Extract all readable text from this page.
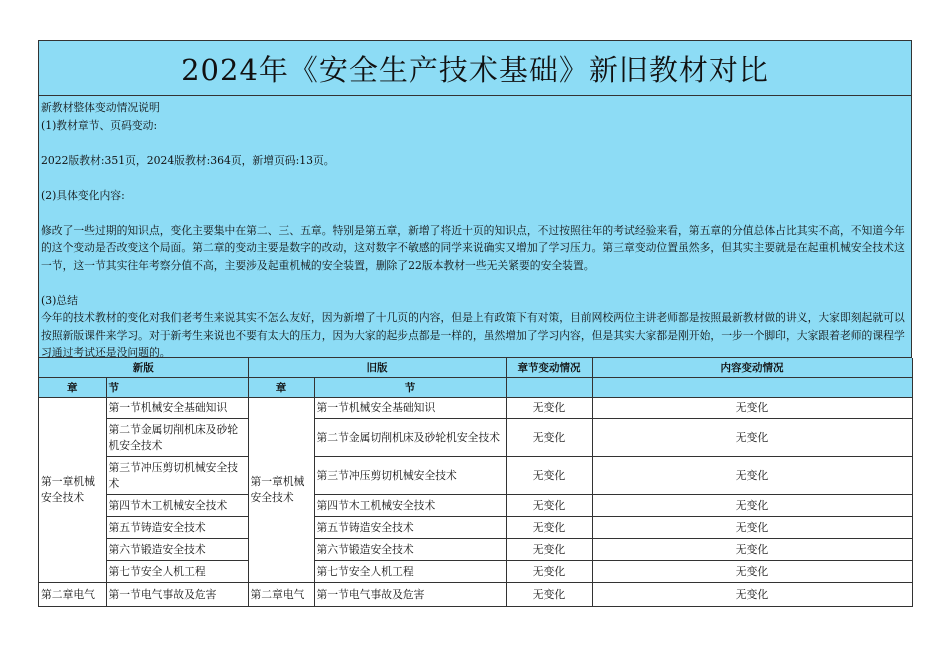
2024年《安全生产技术基础》新旧教材对比

新教材整体变动情况说明

(1)教材章节、页码变动:

2022版教材:351页，2024版教材:364页，新增页码:13页。

(2)具体变化内容:

修改了一些过期的知识点，变化主要集中在第二、三、五章。特别是第五章，新增了将近十页的知识点，不过按照往年的考试经验来看，第五章的分值总体占比其实不高，不知道今年的这个变动是否改变这个局面。第二章的变动主要是数字的改动，这对数字不敏感的同学来说确实又增加了学习压力。第三章变动位置虽然多，但其实主要就是在起重机械安全技术这一节，这一节其实往年考察分值不高，主要涉及起重机械的安全装置，删除了22版本教材一些无关紧要的安全装置。

(3)总结

今年的技术教材的变化对我们老考生来说其实不怎么友好，因为新增了十几页的内容，但是上有政策下有对策，目前网校两位主讲老师都是按照最新教材做的讲义，大家即刻起就可以按照新版课件来学习。对于新考生来说也不要有太大的压力，因为大家的起步点都是一样的，虽然增加了学习内容，但是其实大家都是刚开始，一步一个脚印，大家跟着老师的课程学习通过考试还是没问题的。

新版		旧版		章节变动情况	内容变动情况
章	节	章	节		
第一章机械安全技术	第一节机械安全基础知识	第一章机械安全技术	第一节机械安全基础知识	无变化	无变化
	第二节金属切削机床及砂轮机安全技术		第二节金属切削机床及砂轮机安全技术	无变化	无变化
	第三节冲压剪切机械安全技术		第三节冲压剪切机械安全技术	无变化	无变化
	第四节木工机械安全技术		第四节木工机械安全技术	无变化	无变化
	第五节铸造安全技术		第五节铸造安全技术	无变化	无变化
	第六节锻造安全技术		第六节锻造安全技术	无变化	无变化
	第七节安全人机工程		第七节安全人机工程	无变化	无变化
第二章电气	第一节电气事故及危害	第二章电气	第一节电气事故及危害	无变化	无变化
